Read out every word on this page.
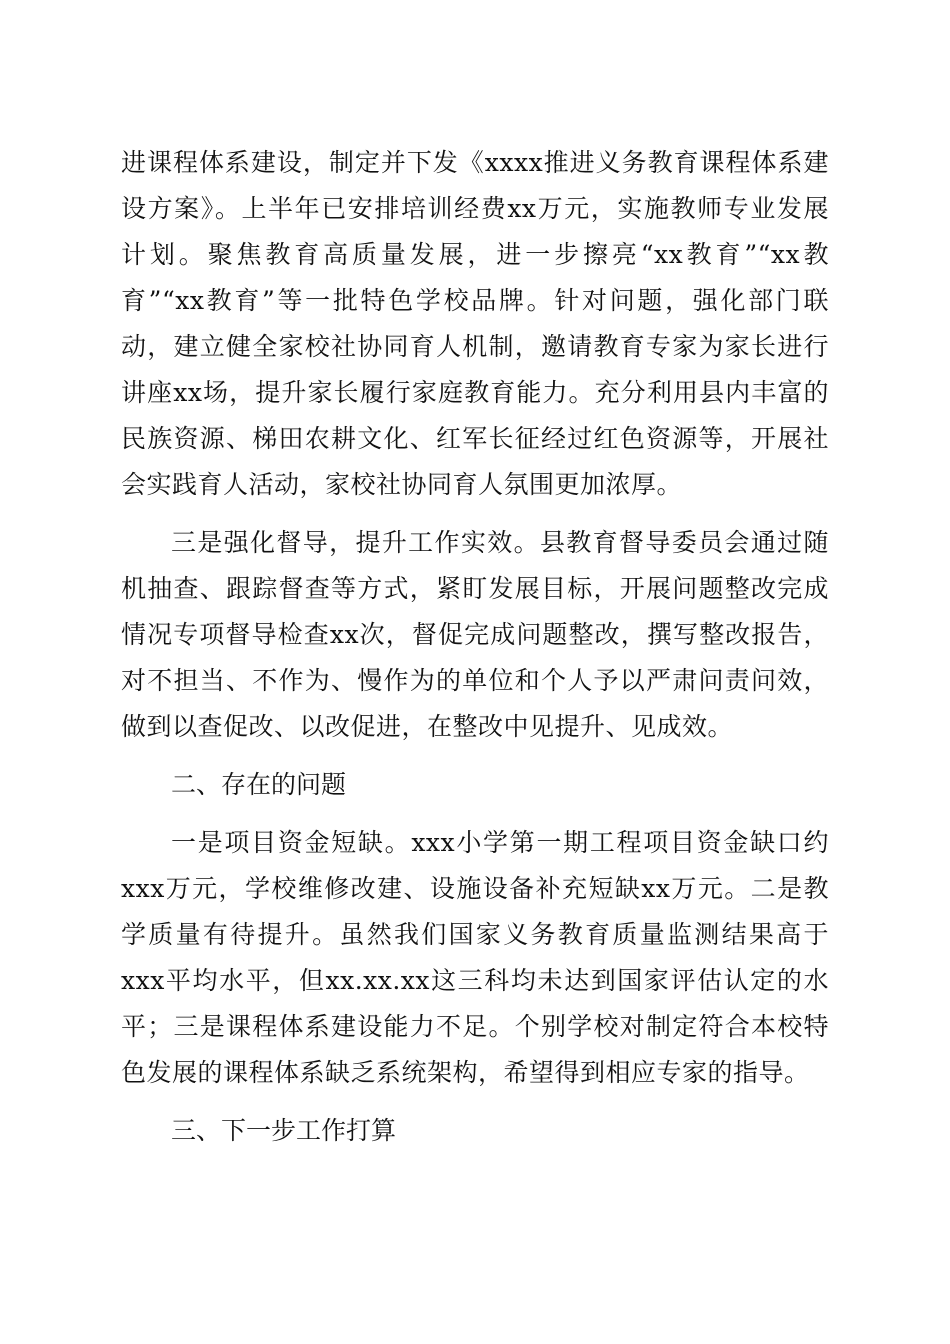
进课程体系建设，制定并下发《xxxx推进义务教育课程体系建
设方案》。上半年已安排培训经费xx万元，实施教师专业发展
计划。聚焦教育高质量发展，进一步擦亮“xx教育”“xx教
育”“xx教育”等一批特色学校品牌。针对问题，强化部门联
动，建立健全家校社协同育人机制，邀请教育专家为家长进行
讲座xx场，提升家长履行家庭教育能力。充分利用县内丰富的
民族资源、梯田农耕文化、红军长征经过红色资源等，开展社
会实践育人活动，家校社协同育人氛围更加浓厚。
三是强化督导，提升工作实效。县教育督导委员会通过随
机抽查、跟踪督查等方式，紧盯发展目标，开展问题整改完成
情况专项督导检查xx次，督促完成问题整改，撰写整改报告，
对不担当、不作为、慢作为的单位和个人予以严肃问责问效，
做到以查促改、以改促进，在整改中见提升、见成效。
二、存在的问题
一是项目资金短缺。xxx小学第一期工程项目资金缺口约
xxx万元，学校维修改建、设施设备补充短缺xx万元。二是教
学质量有待提升。虽然我们国家义务教育质量监测结果高于
xxx平均水平，但xx.xx.xx这三科均未达到国家评估认定的水
平；三是课程体系建设能力不足。个别学校对制定符合本校特
色发展的课程体系缺乏系统架构，希望得到相应专家的指导。
三、下一步工作打算
